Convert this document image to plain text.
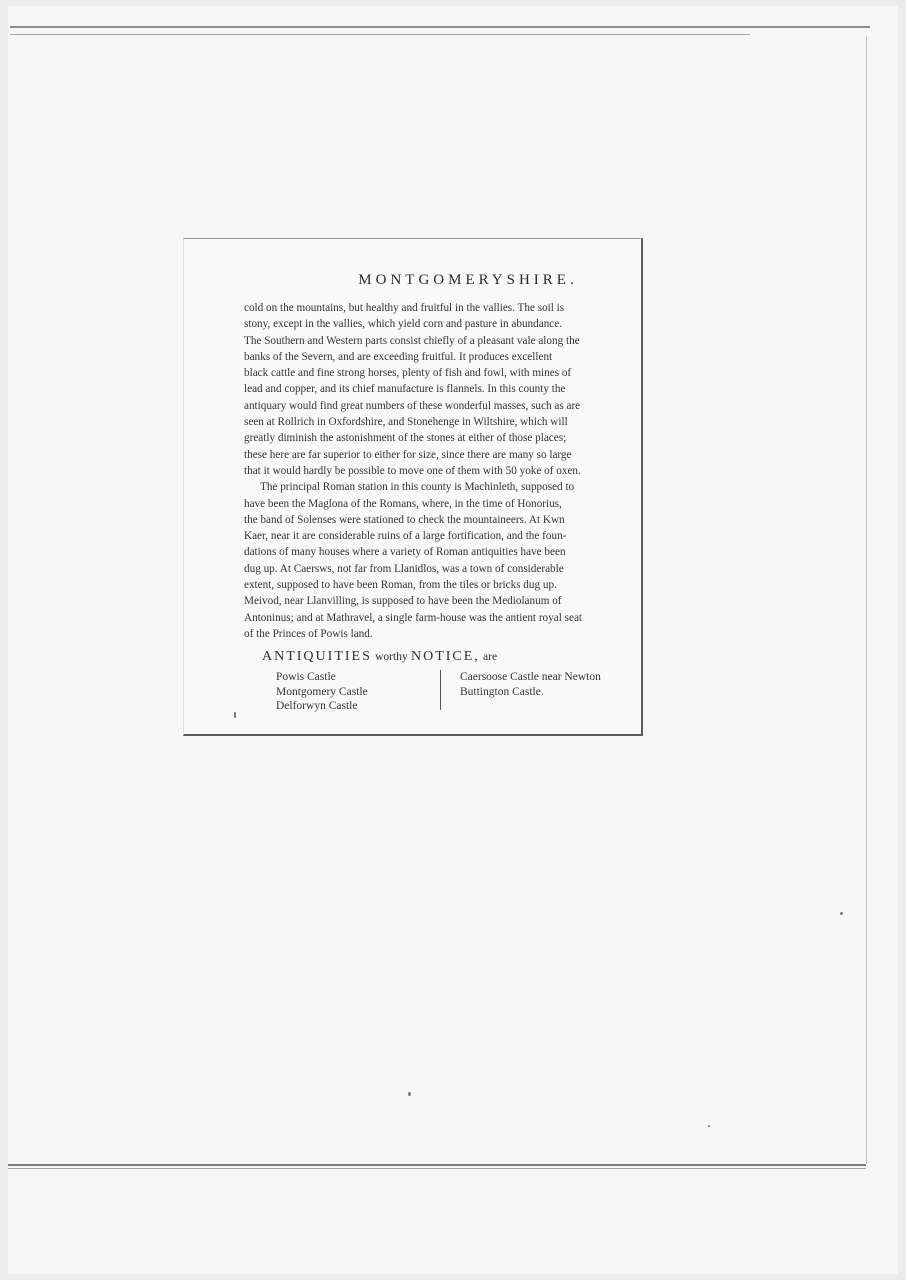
MONTGOMERYSHIRE.

cold on the mountains, but healthy and fruitful in the vallies. The soil is
stony, except in the vallies, which yield corn and pasture in abundance.
The Southern and Western parts consist chiefly of a pleasant vale along the
banks of the Severn, and are exceeding fruitful. It produces excellent
black cattle and fine strong horses, plenty of fish and fowl, with mines of
lead and copper, and its chief manufacture is flannels. In this county the
antiquary would find great numbers of these wonderful masses, such as are
seen at Rollrich in Oxfordshire, and Stonehenge in Wiltshire, which will
greatly diminish the astonishment of the stones at either of those places;
these here are far superior to either for size, since there are many so large
that it would hardly be possible to move one of them with 50 yoke of oxen.

The principal Roman station in this county is Machinleth, supposed to
have been the Maglona of the Romans, where, in the time of Honorius,
the band of Solenses were stationed to check the mountaineers. At Kwn
Kaer, near it are considerable ruins of a large fortification, and the foun-
dations of many houses where a variety of Roman antiquities have been
dug up. At Caersws, not far from Llanidlos, was a town of considerable
extent, supposed to have been Roman, from the tiles or bricks dug up.
Meivod, near Llanvilling, is supposed to have been the Mediolanum of
Antoninus; and at Mathravel, a single farm-house was the antient royal seat
of the Princes of Powis land.

ANTIQUITIES worthy NOTICE, are
Powis Castle
Montgomery Castle
Delforwyn Castle
Caersoose Castle near Newton
Buttington Castle.
